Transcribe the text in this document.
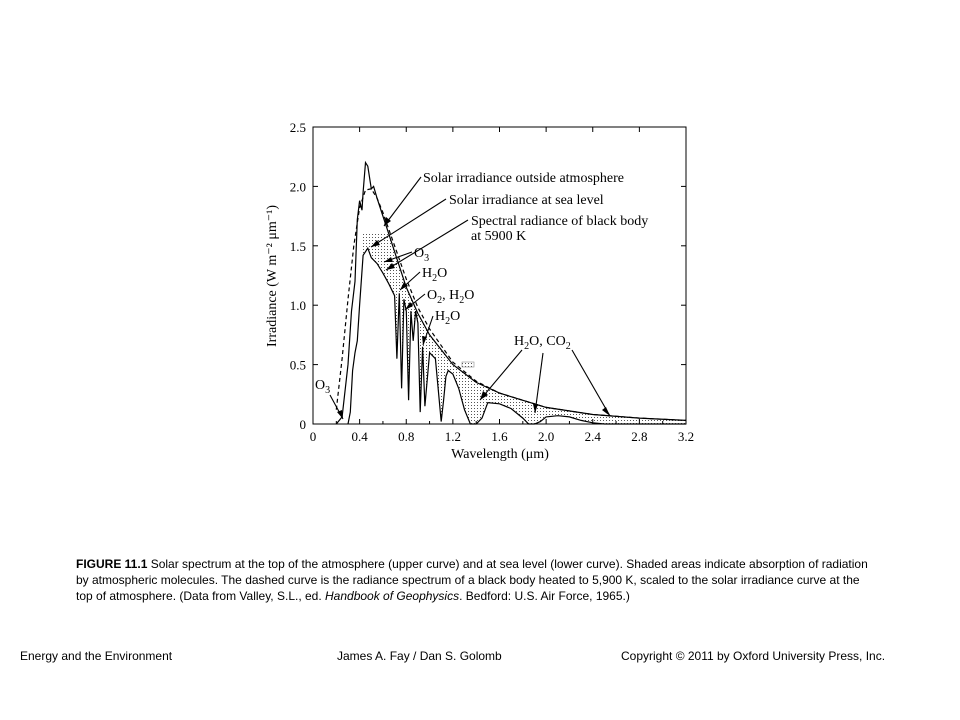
0	0.4 0.8 1.2 1.6 2.0 2.4 2.8 3.2
0
0.5
1.0
1.5
2.0
2.5
Wavelength (μm)
Irradiance (W m⁻² μm⁻¹)
Solar irradiance outside atmosphere
Solar irradiance at sea level
Spectral radiance of black body
at 5900 K
$O_3$
$H_2O$
$O_2$, $H_2O$
$H_2O$
$H_2O$, $CO_2$
$O_3$
FIGURE 11.1 Solar spectrum at the top of the atmosphere (upper curve) and at sea level (lower curve). Shaded areas indicate absorption of radiation by atmospheric molecules. The dashed curve is the radiance spectrum of a black body heated to 5,900 K, scaled to the solar irradiance curve at the top of atmosphere. (Data from Valley, S.L., ed. Handbook of Geophysics. Bedford: U.S. Air Force, 1965.)
Energy and the Environment	James A. Fay / Dan S. Golomb	Copyright © 2011 by Oxford University Press, Inc.
